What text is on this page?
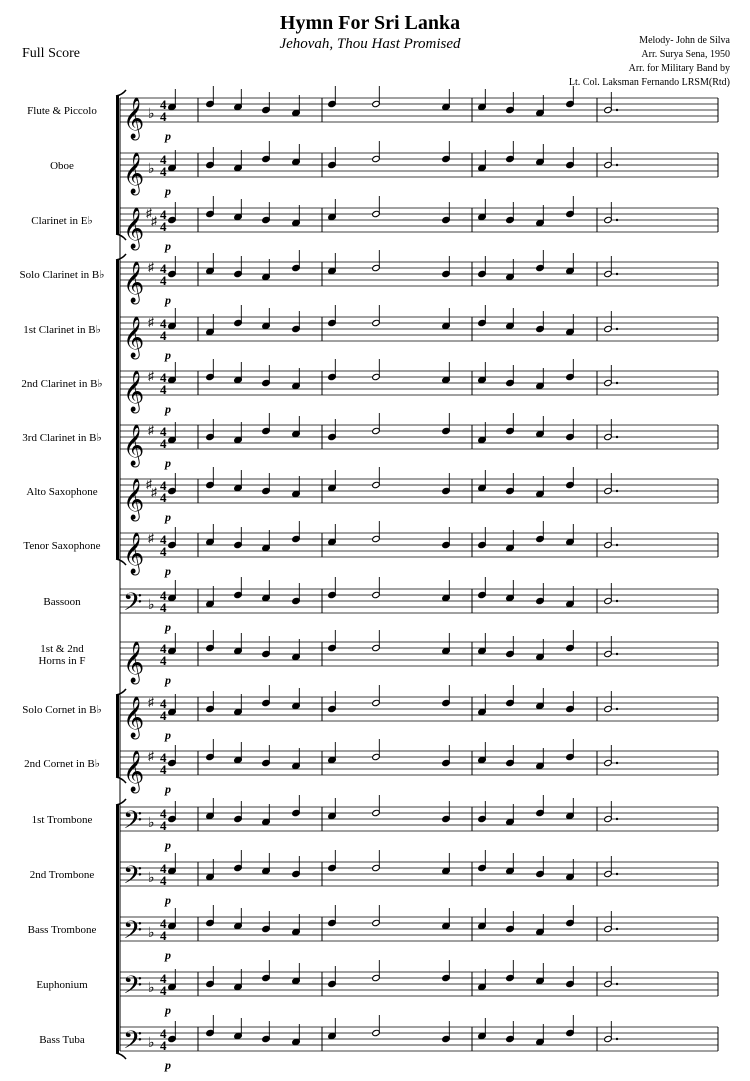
Hymn For Sri Lanka
Jehovah, Thou Hast Promised
Full Score
Melody- John de Silva
Arr. Surya Sena, 1950
Arr. for Military Band by
Lt. Col. Laksman Fernando LRSM(Rtd)
Flute & Piccolo 𝄞 ♭
4
4
p
Oboe 𝄞 ♭
4
4
p
Clarinet in E♭ 𝄞 ♯
♯ 4
4
p
Solo Clarinet in B♭ 𝄞 ♯ 4
4
p
1st Clarinet in B♭ 𝄞 ♯ 4
4
p
2nd Clarinet in B♭ 𝄞 ♯ 4
4
p
3rd Clarinet in B♭ 𝄞 ♯ 4
4
p
Alto Saxophone 𝄞 ♯
♯ 4
4
p
Tenor Saxophone 𝄞 ♯ 4
4
p
Bassoon 𝄢 ♭
4
4
p
1st & 2nd
Horns in F 𝄞 4
4
p
Solo Cornet in B♭ 𝄞 ♯ 4
4
p
2nd Cornet in B♭ 𝄞 ♯ 4
4
p
1st Trombone 𝄢 ♭
4
4
p
2nd Trombone 𝄢 ♭
4
4
p
Bass Trombone 𝄢 ♭
4
4
p
Euphonium 𝄢 ♭
4
4
p
Bass Tuba 𝄢 ♭
4
4
p
